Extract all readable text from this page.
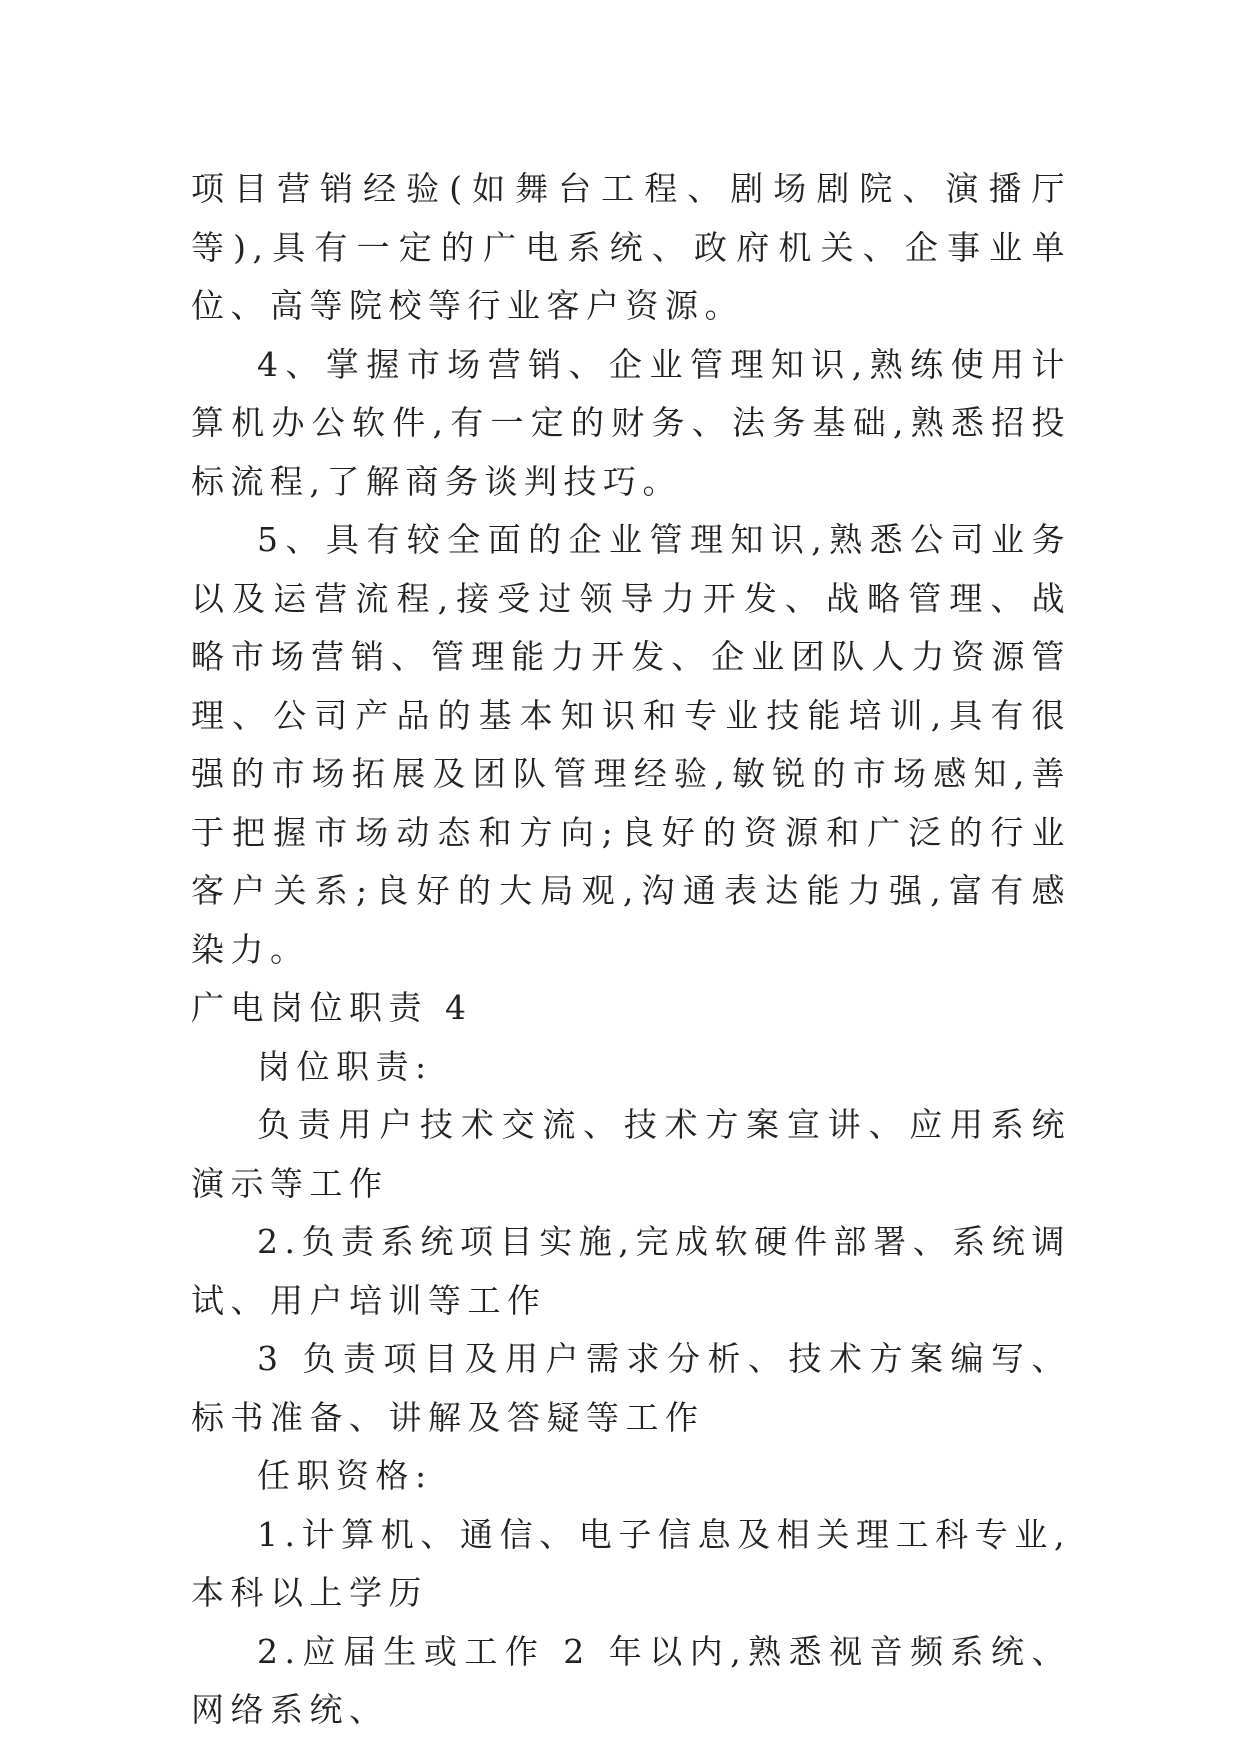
项目营销经验(如舞台工程、剧场剧院、演播厅等),具有一定的广电系统、政府机关、企事业单位、高等院校等行业客户资源。

4、掌握市场营销、企业管理知识,熟练使用计算机办公软件,有一定的财务、法务基础,熟悉招投标流程,了解商务谈判技巧。

5、具有较全面的企业管理知识,熟悉公司业务以及运营流程,接受过领导力开发、战略管理、战略市场营销、管理能力开发、企业团队人力资源管理、公司产品的基本知识和专业技能培训,具有很强的市场拓展及团队管理经验,敏锐的市场感知,善于把握市场动态和方向;良好的资源和广泛的行业客户关系;良好的大局观,沟通表达能力强,富有感染力。

广电岗位职责 4

岗位职责:

负责用户技术交流、技术方案宣讲、应用系统演示等工作

2.负责系统项目实施,完成软硬件部署、系统调试、用户培训等工作

3 负责项目及用户需求分析、技术方案编写、标书准备、讲解及答疑等工作

任职资格:

1.计算机、通信、电子信息及相关理工科专业,本科以上学历

2.应届生或工作 2 年以内,熟悉视音频系统、网络系统、
